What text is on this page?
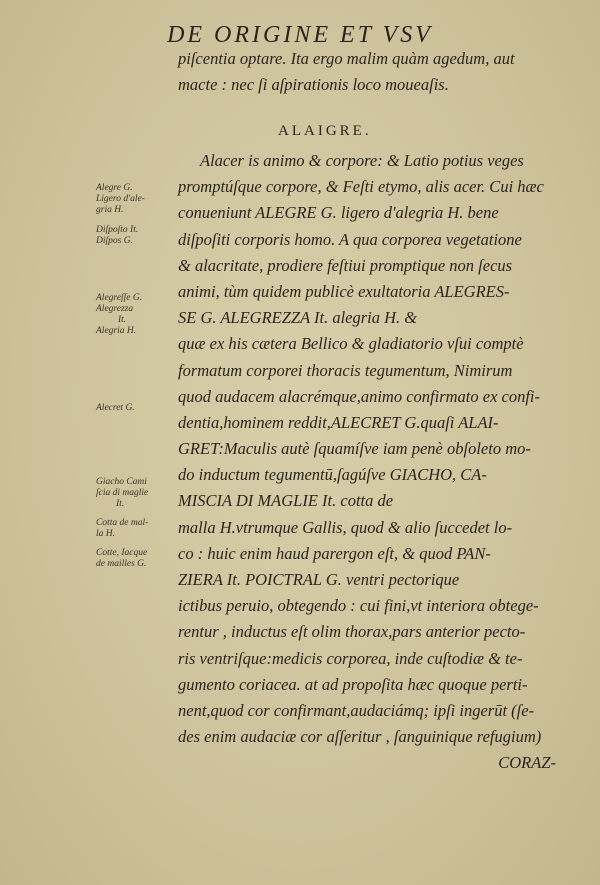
DE ORIGINE ET VSV
piſcentia optare. Ita ergo malim quàm agedum, aut
macte : nec ſi aſpirationis loco moueaſis.
ALAIGRE.
Alacer is animo & corpore: & Latio potius veges
promptúſque corpore, & Feſti etymo, alis acer. Cui hæc
conueniunt ALEGRE G. ligero d'alegria H. bene
diſpoſiti corporis homo. A qua corporea vegetatione
& alacritate, prodiere feſtiui promptique non ſecus
animi, tùm quidem publicè exultatoria ALEGRES-
SE G. ALEGREZZA It. alegria H. &
quæ ex his cætera Bellico & gladiatorio vſui comptè
formatum corporei thoracis tegumentum, Nimirum
quod audacem alacrémque,animo confirmato ex confi-
dentia,hominem reddit,ALECRET G.quaſi ALAI-
GRET:Maculis autè ſquamíſve iam penè obſoleto mo-
do inductum tegumentū,ſagúſve GIACHO, CA-
MISCIA DI MAGLIE It. cotta de
malla H.vtrumque Gallis, quod & alio ſuccedet lo-
co : huic enim haud parergon eſt, & quod PAN-
ZIERA It. POICTRAL G. ventri pectorique
ictibus peruio, obtegendo : cui fini,vt interiora obtege-
rentur , inductus eſt olim thorax,pars anterior pecto-
ris ventriſque:medicis corporea, inde cuſtodiæ & te-
gumento coriacea. at ad propoſita hæc quoque perti-
nent,quod cor confirmant,audaciámq; ipſi ingerūt (ſe-
des enim audaciæ cor aſſeritur , ſanguinique refugium)
CORAZ-
Alegre G.
Ligero d'ale-
gria H.
Diſpoſto It.
Diſpos G.
Alegreſſe G.
Alegrezza
It.
Alegria H.
Alecret G.
Giacho Cami
ſcia di maglie
It.
Cotta de mal-
la H.
Cotte, Iacque
de mailles G.
